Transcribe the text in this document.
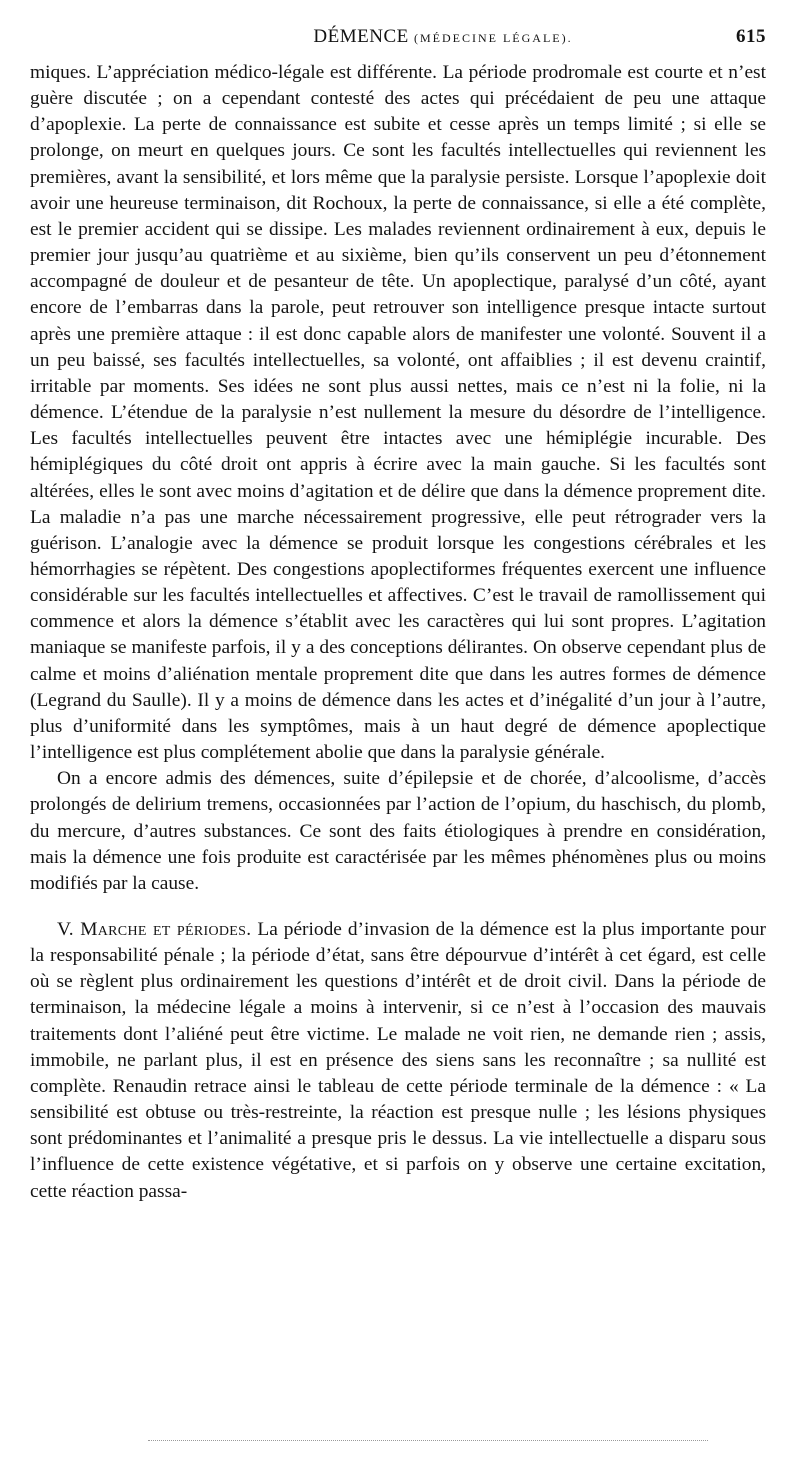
DÉMENCE (MÉDECINE LÉGALE).	615

miques. L’appréciation médico-légale est différente. La période prodromale est courte et n’est guère discutée ; on a cependant contesté des actes qui précédaient de peu une attaque d’apoplexie. La perte de connaissance est subite et cesse après un temps limité ; si elle se prolonge, on meurt en quelques jours. Ce sont les facultés intellectuelles qui reviennent les premières, avant la sensibilité, et lors même que la paralysie persiste. Lorsque l’apoplexie doit avoir une heureuse terminaison, dit Rochoux, la perte de connaissance, si elle a été complète, est le premier accident qui se dissipe. Les malades reviennent ordinairement à eux, depuis le premier jour jusqu’au quatrième et au sixième, bien qu’ils conservent un peu d’étonnement accompagné de douleur et de pesanteur de tête. Un apoplectique, paralysé d’un côté, ayant encore de l’embarras dans la parole, peut retrouver son intelligence presque intacte surtout après une première attaque : il est donc capable alors de manifester une volonté. Souvent il a un peu baissé, ses facultés intellectuelles, sa volonté, ont affaiblies ; il est devenu craintif, irritable par moments. Ses idées ne sont plus aussi nettes, mais ce n’est ni la folie, ni la démence. L’étendue de la paralysie n’est nullement la mesure du désordre de l’intelligence. Les facultés intellectuelles peuvent être intactes avec une hémiplégie incurable. Des hémiplégiques du côté droit ont appris à écrire avec la main gauche. Si les facultés sont altérées, elles le sont avec moins d’agitation et de délire que dans la démence proprement dite. La maladie n’a pas une marche nécessairement progressive, elle peut rétrograder vers la guérison. L’analogie avec la démence se produit lorsque les congestions cérébrales et les hémorrhagies se répètent. Des congestions apoplectiformes fréquentes exercent une influence considérable sur les facultés intellectuelles et affectives. C’est le travail de ramollissement qui commence et alors la démence s’établit avec les caractères qui lui sont propres. L’agitation maniaque se manifeste parfois, il y a des conceptions délirantes. On observe cependant plus de calme et moins d’aliénation mentale proprement dite que dans les autres formes de démence (Legrand du Saulle). Il y a moins de démence dans les actes et d’inégalité d’un jour à l’autre, plus d’uniformité dans les symptômes, mais à un haut degré de démence apoplectique l’intelligence est plus complétement abolie que dans la paralysie générale.

On a encore admis des démences, suite d’épilepsie et de chorée, d’alcoolisme, d’accès prolongés de delirium tremens, occasionnées par l’action de l’opium, du haschisch, du plomb, du mercure, d’autres substances. Ce sont des faits étiologiques à prendre en considération, mais la démence une fois produite est caractérisée par les mêmes phénomènes plus ou moins modifiés par la cause.

V. Marche et périodes. La période d’invasion de la démence est la plus importante pour la responsabilité pénale ; la période d’état, sans être dépourvue d’intérêt à cet égard, est celle où se règlent plus ordinairement les questions d’intérêt et de droit civil. Dans la période de terminaison, la médecine légale a moins à intervenir, si ce n’est à l’occasion des mauvais traitements dont l’aliéné peut être victime. Le malade ne voit rien, ne demande rien ; assis, immobile, ne parlant plus, il est en présence des siens sans les reconnaître ; sa nullité est complète. Renaudin retrace ainsi le tableau de cette période terminale de la démence : « La sensibilité est obtuse ou très-restreinte, la réaction est presque nulle ; les lésions physiques sont prédominantes et l’animalité a presque pris le dessus. La vie intellectuelle a disparu sous l’influence de cette existence végétative, et si parfois on y observe une certaine excitation, cette réaction passa-
